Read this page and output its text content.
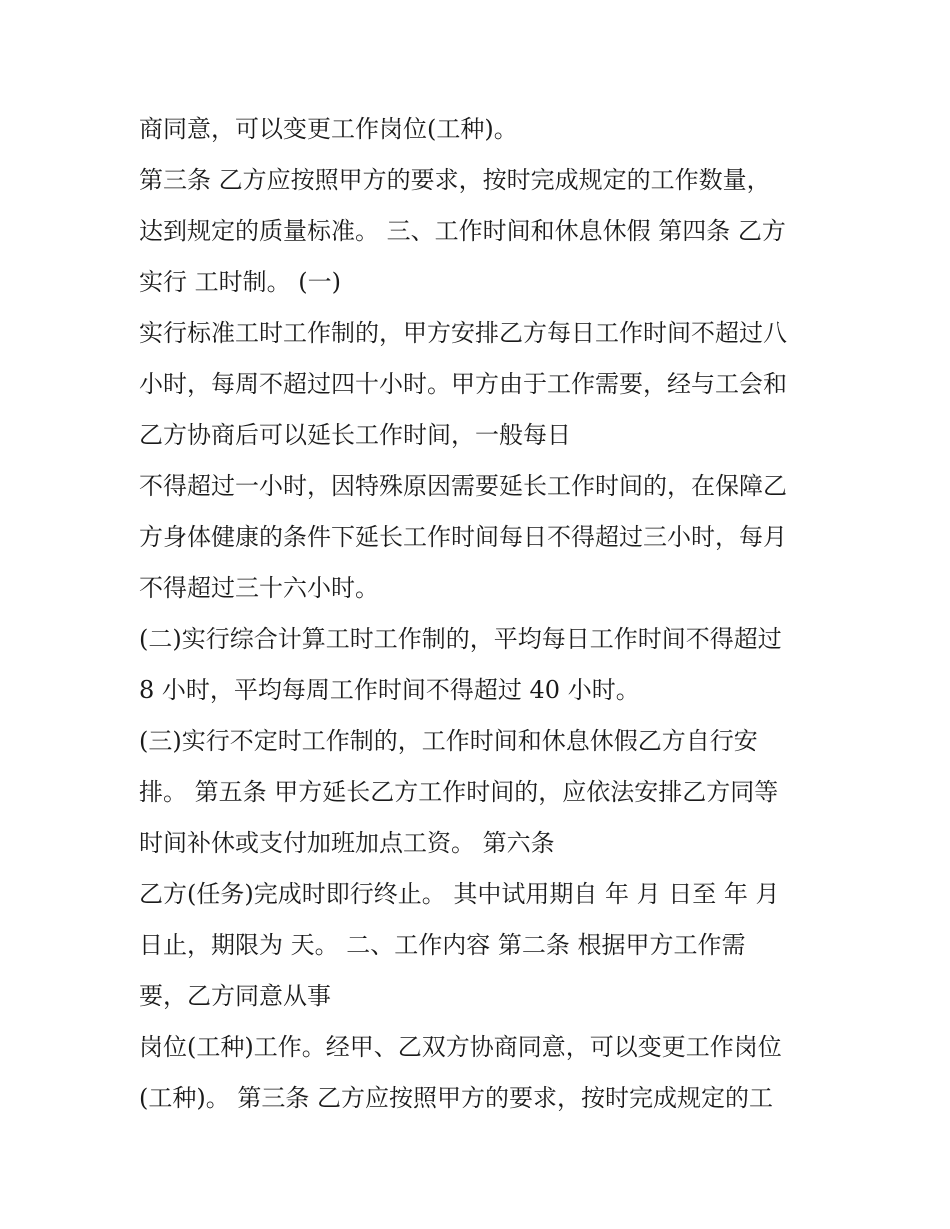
商同意，可以变更工作岗位(工种)。
第三条 乙方应按照甲方的要求，按时完成规定的工作数量，
达到规定的质量标准。 三、工作时间和休息休假 第四条 乙方
实行 工时制。 (一)
实行标准工时工作制的，甲方安排乙方每日工作时间不超过八
小时，每周不超过四十小时。甲方由于工作需要，经与工会和
乙方协商后可以延长工作时间，一般每日
不得超过一小时，因特殊原因需要延长工作时间的，在保障乙
方身体健康的条件下延长工作时间每日不得超过三小时，每月
不得超过三十六小时。
(二)实行综合计算工时工作制的，平均每日工作时间不得超过
8 小时，平均每周工作时间不得超过 40 小时。
(三)实行不定时工作制的，工作时间和休息休假乙方自行安
排。 第五条 甲方延长乙方工作时间的，应依法安排乙方同等
时间补休或支付加班加点工资。 第六条
乙方(任务)完成时即行终止。 其中试用期自 年 月 日至 年 月
日止，期限为 天。 二、工作内容 第二条 根据甲方工作需
要，乙方同意从事
岗位(工种)工作。经甲、乙双方协商同意，可以变更工作岗位
(工种)。 第三条 乙方应按照甲方的要求，按时完成规定的工
